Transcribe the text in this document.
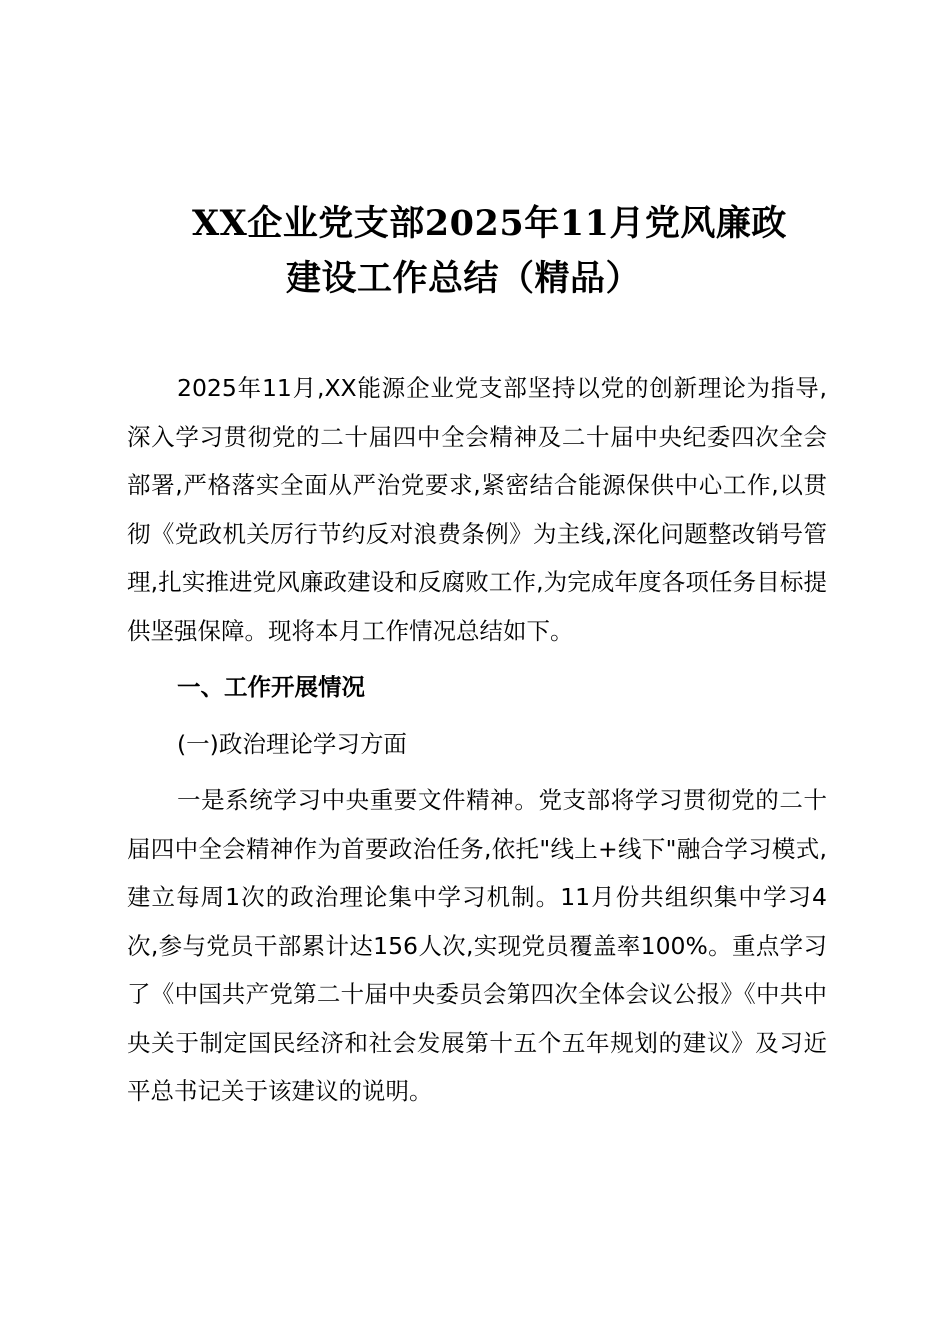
XX企业党支部2025年11月党风廉政
建设工作总结（精品）

2025年11月,XX能源企业党支部坚持以党的创新理论为指导,深入学习贯彻党的二十届四中全会精神及二十届中央纪委四次全会部署,严格落实全面从严治党要求,紧密结合能源保供中心工作,以贯彻《党政机关厉行节约反对浪费条例》为主线,深化问题整改销号管理,扎实推进党风廉政建设和反腐败工作,为完成年度各项任务目标提供坚强保障。现将本月工作情况总结如下。

一、工作开展情况

(一)政治理论学习方面

一是系统学习中央重要文件精神。党支部将学习贯彻党的二十届四中全会精神作为首要政治任务,依托"线上+线下"融合学习模式,建立每周1次的政治理论集中学习机制。11月份共组织集中学习4次,参与党员干部累计达156人次,实现党员覆盖率100%。重点学习了《中国共产党第二十届中央委员会第四次全体会议公报》《中共中央关于制定国民经济和社会发展第十五个五年规划的建议》及习近平总书记关于该建议的说明。
